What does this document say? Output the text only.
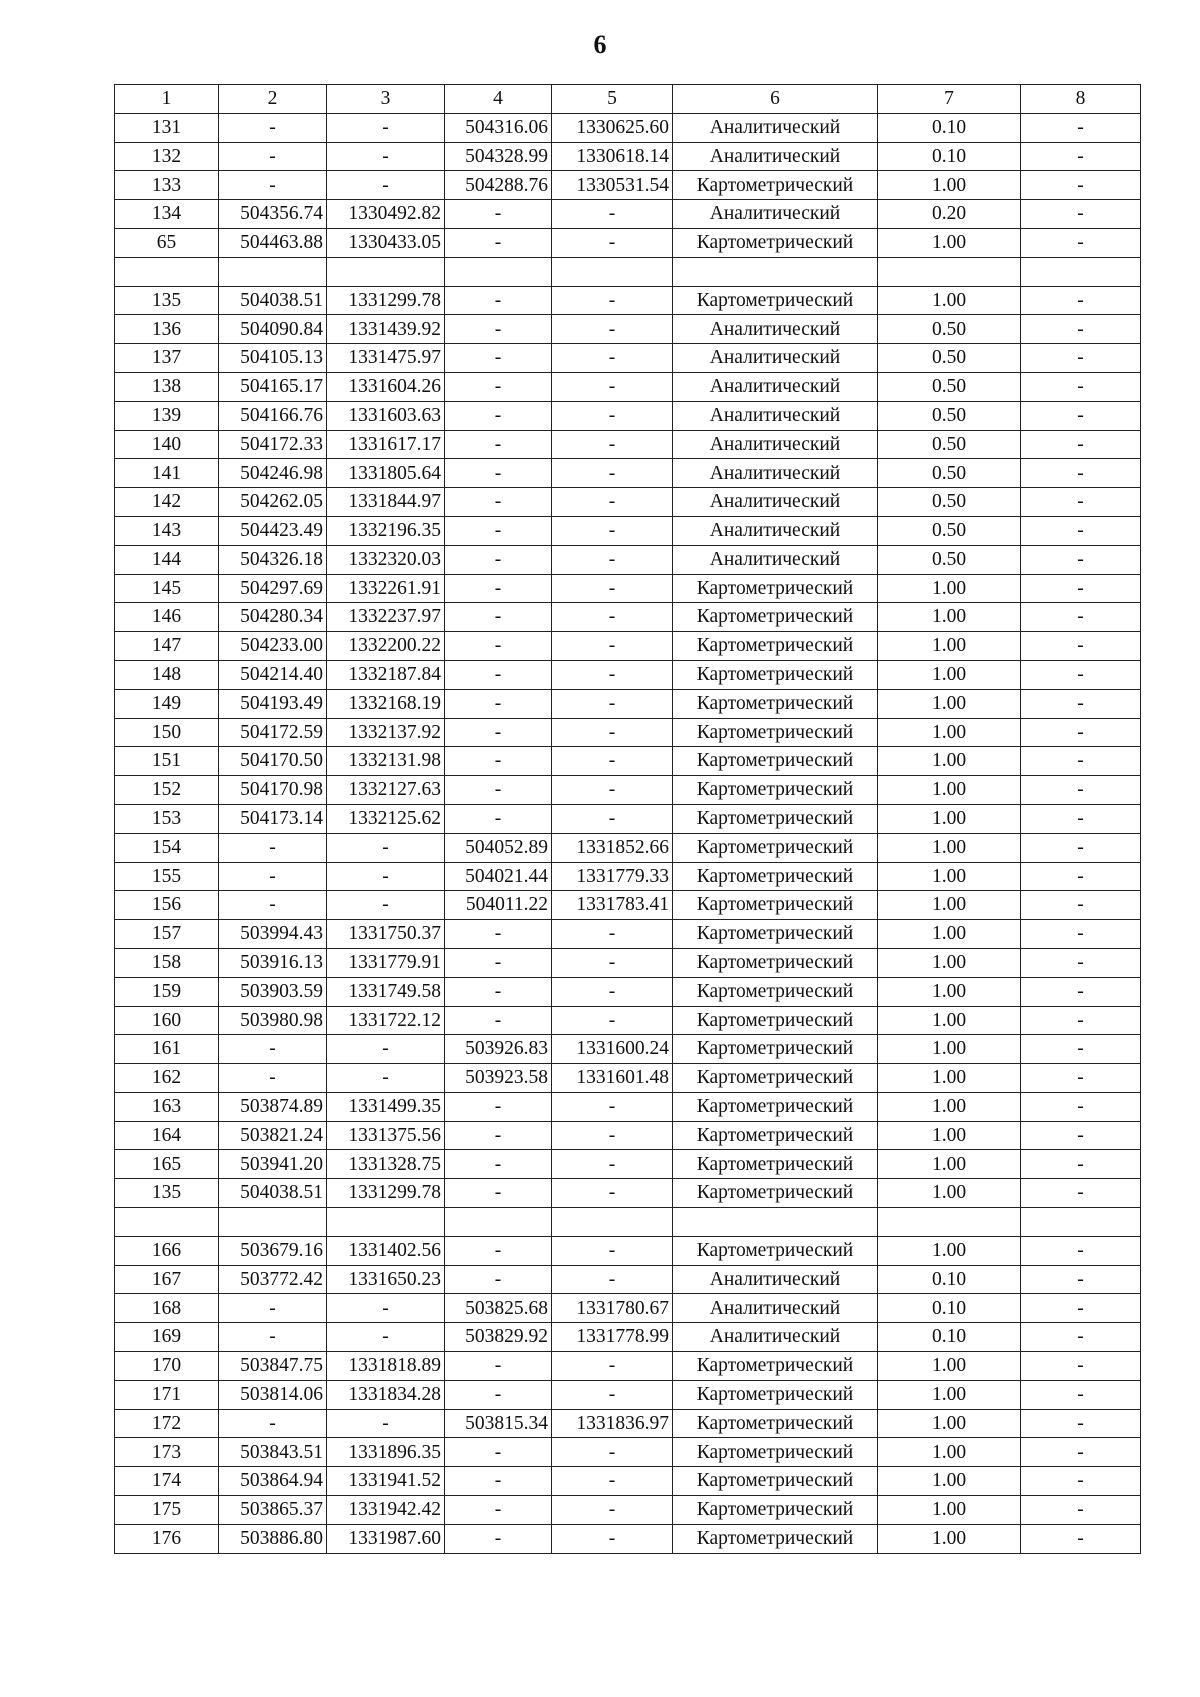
6
1	2	3	4	5	6	7	8
131	-	-	504316.06	1330625.60	Аналитический	0.10	-
132	-	-	504328.99	1330618.14	Аналитический	0.10	-
133	-	-	504288.76	1330531.54	Картометрический	1.00	-
134	504356.74	1330492.82	-	-	Аналитический	0.20	-
65	504463.88	1330433.05	-	-	Картометрический	1.00	-

135	504038.51	1331299.78	-	-	Картометрический	1.00	-
136	504090.84	1331439.92	-	-	Аналитический	0.50	-
137	504105.13	1331475.97	-	-	Аналитический	0.50	-
138	504165.17	1331604.26	-	-	Аналитический	0.50	-
139	504166.76	1331603.63	-	-	Аналитический	0.50	-
140	504172.33	1331617.17	-	-	Аналитический	0.50	-
141	504246.98	1331805.64	-	-	Аналитический	0.50	-
142	504262.05	1331844.97	-	-	Аналитический	0.50	-
143	504423.49	1332196.35	-	-	Аналитический	0.50	-
144	504326.18	1332320.03	-	-	Аналитический	0.50	-
145	504297.69	1332261.91	-	-	Картометрический	1.00	-
146	504280.34	1332237.97	-	-	Картометрический	1.00	-
147	504233.00	1332200.22	-	-	Картометрический	1.00	-
148	504214.40	1332187.84	-	-	Картометрический	1.00	-
149	504193.49	1332168.19	-	-	Картометрический	1.00	-
150	504172.59	1332137.92	-	-	Картометрический	1.00	-
151	504170.50	1332131.98	-	-	Картометрический	1.00	-
152	504170.98	1332127.63	-	-	Картометрический	1.00	-
153	504173.14	1332125.62	-	-	Картометрический	1.00	-
154	-	-	504052.89	1331852.66	Картометрический	1.00	-
155	-	-	504021.44	1331779.33	Картометрический	1.00	-
156	-	-	504011.22	1331783.41	Картометрический	1.00	-
157	503994.43	1331750.37	-	-	Картометрический	1.00	-
158	503916.13	1331779.91	-	-	Картометрический	1.00	-
159	503903.59	1331749.58	-	-	Картометрический	1.00	-
160	503980.98	1331722.12	-	-	Картометрический	1.00	-
161	-	-	503926.83	1331600.24	Картометрический	1.00	-
162	-	-	503923.58	1331601.48	Картометрический	1.00	-
163	503874.89	1331499.35	-	-	Картометрический	1.00	-
164	503821.24	1331375.56	-	-	Картометрический	1.00	-
165	503941.20	1331328.75	-	-	Картометрический	1.00	-
135	504038.51	1331299.78	-	-	Картометрический	1.00	-

166	503679.16	1331402.56	-	-	Картометрический	1.00	-
167	503772.42	1331650.23	-	-	Аналитический	0.10	-
168	-	-	503825.68	1331780.67	Аналитический	0.10	-
169	-	-	503829.92	1331778.99	Аналитический	0.10	-
170	503847.75	1331818.89	-	-	Картометрический	1.00	-
171	503814.06	1331834.28	-	-	Картометрический	1.00	-
172	-	-	503815.34	1331836.97	Картометрический	1.00	-
173	503843.51	1331896.35	-	-	Картометрический	1.00	-
174	503864.94	1331941.52	-	-	Картометрический	1.00	-
175	503865.37	1331942.42	-	-	Картометрический	1.00	-
176	503886.80	1331987.60	-	-	Картометрический	1.00	-
